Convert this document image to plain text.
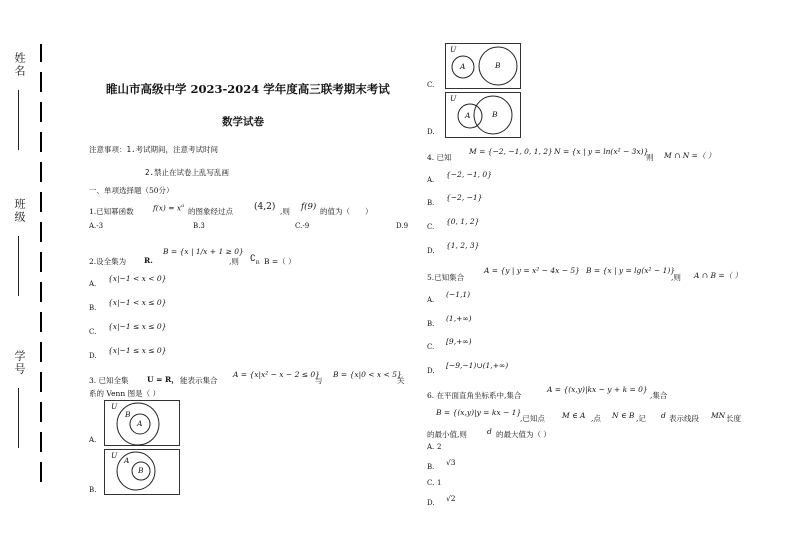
姓名
班级
学号
睢山市高级中学 2023-2024 学年度高三联考期末考试
数学试卷
注意事项：1.考试期间，注意考试时间
2.禁止在试卷上乱写乱画
一、单项选择题（50分）
1.已知幂函数	$f(x) = x^a$
的图象经过点 (4,2) ,则 f(9) 的值为（　　）
A.-3	B.3	C.-9	D.9
2.设全集为 R.
B = {x | 1/x + 1 ≥ 0}
,则 $∁_R$ B =（ ）
A.
{x|−1 < x < 0}
B.
{x|−1 < x ≤ 0}
C.
{x|−1 ≤ x ≤ 0}
D.
{x|−1 ≤ x ≤ 0}
3. 已知全集 U = R， 能表示集合
A = {x|x² − x − 2 ≤ 0}
与
B = {x|0 < x < 5}
关
系的 Venn 图是（ ）
A.
B.
C.
D.
U
B
A
U
A
B
U
A	B
U
A	B
4. 已知
M = {−2, −1, 0, 1, 2} N = {x | y = ln(x² − 3x)}
则 M ∩ N =（ ）
A.
{−2, −1, 0}
B.
{−2, −1}
C.
{0, 1, 2}
D.
{1, 2, 3}
5.已知集合
A = {y | y = x² − 4x − 5} B = {x | y = lg(x² − 1)}
,则 A ∩ B =（ ）
A.
(−1,1)
B.
(1,+∞)
C.
[9,+∞)
D.
[−9,−1)∪(1,+∞)
6. 在平面直角坐标系中,集合
A = {(x,y)|kx − y + k = 0}
,集合
B = {(x,y)|y = kx − 1}
,已知点 M ∈ A ,点 N ∈ B ,记 d 表示线段 MN 长度
的最小值,则	d 的最大值为（ ）
A. 2
B. √3
C. 1
D. √2
